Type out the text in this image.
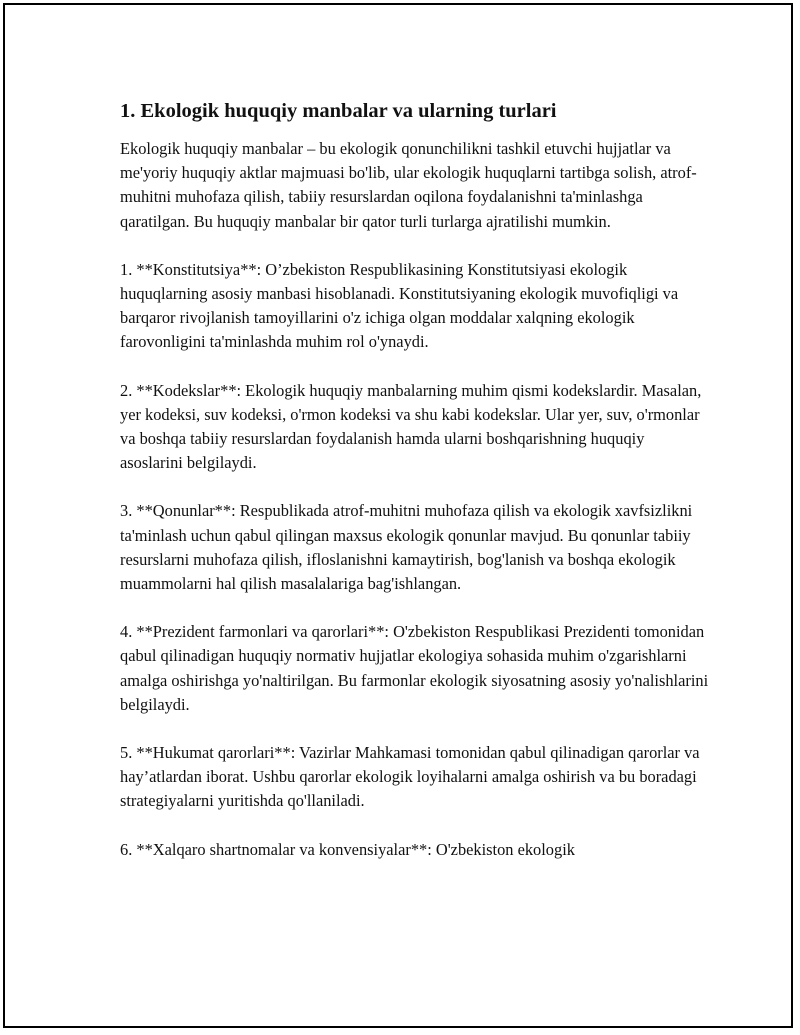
1. Ekologik huquqiy manbalar va ularning turlari

Ekologik huquqiy manbalar – bu ekologik qonunchilikni tashkil etuvchi hujjatlar va me'yoriy huquqiy aktlar majmuasi bo'lib, ular ekologik huquqlarni tartibga solish, atrof-muhitni muhofaza qilish, tabiiy resurslardan oqilona foydalanishni ta'minlashga qaratilgan. Bu huquqiy manbalar bir qator turli turlarga ajratilishi mumkin.

1. **Konstitutsiya**: O’zbekiston Respublikasining Konstitutsiyasi ekologik huquqlarning asosiy manbasi hisoblanadi. Konstitutsiyaning ekologik muvofiqligi va barqaror rivojlanish tamoyillarini o'z ichiga olgan moddalar xalqning ekologik farovonligini ta'minlashda muhim rol o'ynaydi.

2. **Kodekslar**: Ekologik huquqiy manbalarning muhim qismi kodekslardir. Masalan, yer kodeksi, suv kodeksi, o'rmon kodeksi va shu kabi kodekslar. Ular yer, suv, o'rmonlar va boshqa tabiiy resurslardan foydalanish hamda ularni boshqarishning huquqiy asoslarini belgilaydi.

3. **Qonunlar**: Respublikada atrof-muhitni muhofaza qilish va ekologik xavfsizlikni ta'minlash uchun qabul qilingan maxsus ekologik qonunlar mavjud. Bu qonunlar tabiiy resurslarni muhofaza qilish, ifloslanishni kamaytirish, bog'lanish va boshqa ekologik muammolarni hal qilish masalalariga bag'ishlangan.

4. **Prezident farmonlari va qarorlari**: O'zbekiston Respublikasi Prezidenti tomonidan qabul qilinadigan huquqiy normativ hujjatlar ekologiya sohasida muhim o'zgarishlarni amalga oshirishga yo'naltirilgan. Bu farmonlar ekologik siyosatning asosiy yo'nalishlarini belgilaydi.

5. **Hukumat qarorlari**: Vazirlar Mahkamasi tomonidan qabul qilinadigan qarorlar va hay’atlardan iborat. Ushbu qarorlar ekologik loyihalarni amalga oshirish va bu boradagi strategiyalarni yuritishda qo'llaniladi.

6. **Xalqaro shartnomalar va konvensiyalar**: O'zbekiston ekologik
